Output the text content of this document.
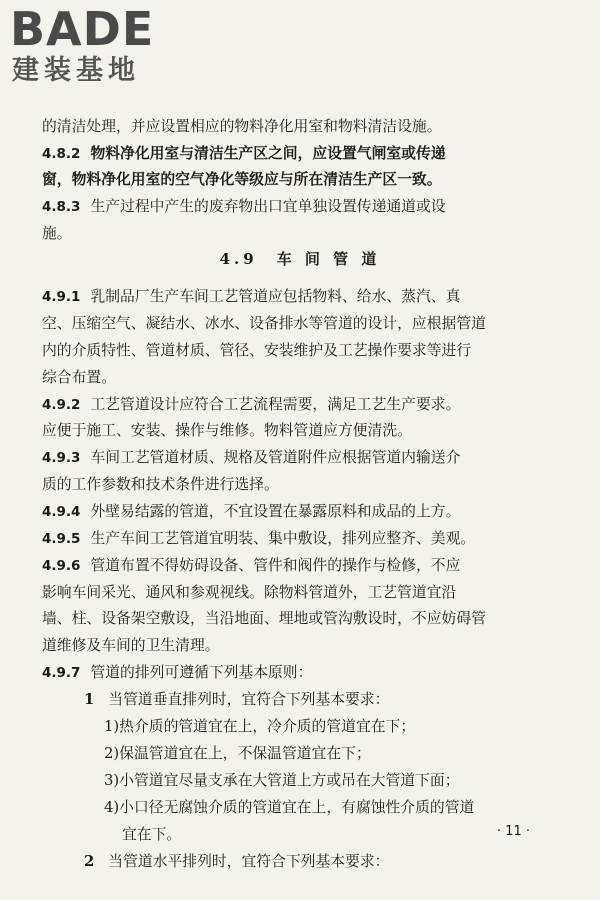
BADE
建装基地
的清洁处理，并应设置相应的物料净化用室和物料清洁设施。
4.8.2 物料净化用室与清洁生产区之间，应设置气闸室或传递
窗，物料净化用室的空气净化等级应与所在清洁生产区一致。
4.8.3 生产过程中产生的废弃物出口宜单独设置传递通道或设
施。
4.9　车 间 管 道
4.9.1 乳制品厂生产车间工艺管道应包括物料、给水、蒸汽、真
空、压缩空气、凝结水、冰水、设备排水等管道的设计，应根据管道
内的介质特性、管道材质、管径、安装维护及工艺操作要求等进行
综合布置。
4.9.2 工艺管道设计应符合工艺流程需要，满足工艺生产要求。
应便于施工、安装、操作与维修。物料管道应方便清洗。
4.9.3 车间工艺管道材质、规格及管道附件应根据管道内输送介
质的工作参数和技术条件进行选择。
4.9.4 外壁易结露的管道，不宜设置在暴露原料和成品的上方。
4.9.5 生产车间工艺管道宜明装、集中敷设，排列应整齐、美观。
4.9.6 管道布置不得妨碍设备、管件和阀件的操作与检修，不应
影响车间采光、通风和参观视线。除物料管道外，工艺管道宜沿
墙、柱、设备架空敷设，当沿地面、埋地或管沟敷设时，不应妨碍管
道维修及车间的卫生清理。
4.9.7 管道的排列可遵循下列基本原则：
1 当管道垂直排列时，宜符合下列基本要求：
1)热介质的管道宜在上，冷介质的管道宜在下；
2)保温管道宜在上，不保温管道宜在下；
3)小管道宜尽量支承在大管道上方或吊在大管道下面；
4)小口径无腐蚀介质的管道宜在上，有腐蚀性介质的管道
宜在下。	· 11 ·
2 当管道水平排列时，宜符合下列基本要求：
